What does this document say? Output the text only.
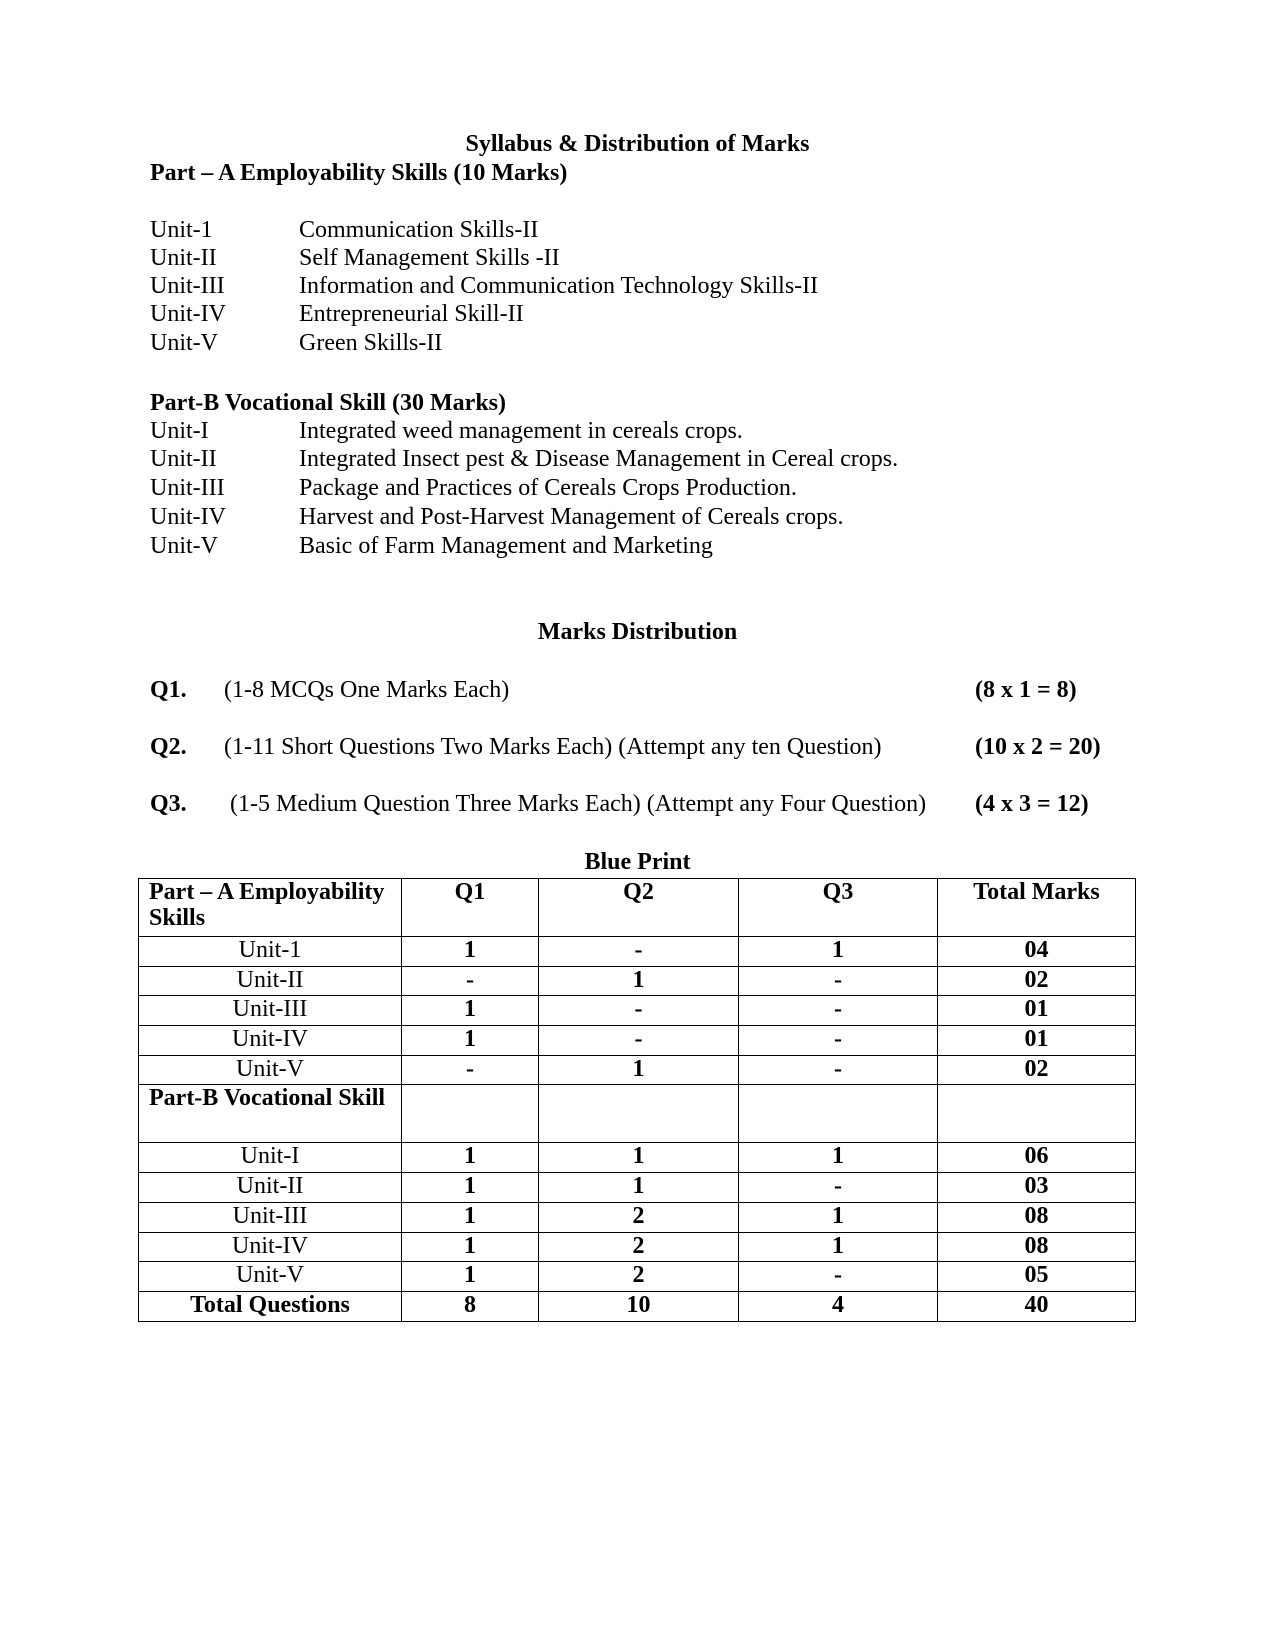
Syllabus & Distribution of Marks
Part – A Employability Skills (10 Marks)
Unit-1	Communication Skills-II
Unit-II	Self Management Skills -II
Unit-III	Information and Communication Technology Skills-II
Unit-IV	Entrepreneurial Skill-II
Unit-V	Green Skills-II
Part-B Vocational Skill (30 Marks)
Unit-I	Integrated weed management in cereals crops.
Unit-II	Integrated Insect pest & Disease Management in Cereal crops.
Unit-III	Package and Practices of Cereals Crops Production.
Unit-IV	Harvest and Post-Harvest Management of Cereals crops.
Unit-V	Basic of Farm Management and Marketing
Marks Distribution
Q1. (1-8 MCQs One Marks Each)	(8 x 1 = 8)
Q2. (1-11 Short Questions Two Marks Each) (Attempt any ten Question)	(10 x 2 = 20)
Q3. (1-5 Medium Question Three Marks Each) (Attempt any Four Question) (4 x 3 = 12)
Blue Print
Part – A Employability Skills	Q1	Q2	Q3	Total Marks
Unit-1	1	-	1	04
Unit-II	-	1	-	02
Unit-III	1	-	-	01
Unit-IV	1	-	-	01
Unit-V	-	1	-	02
Part-B Vocational Skill				
Unit-I	1	1	1	06
Unit-II	1	1	-	03
Unit-III	1	2	1	08
Unit-IV	1	2	1	08
Unit-V	1	2	-	05
Total Questions	8	10	4	40
